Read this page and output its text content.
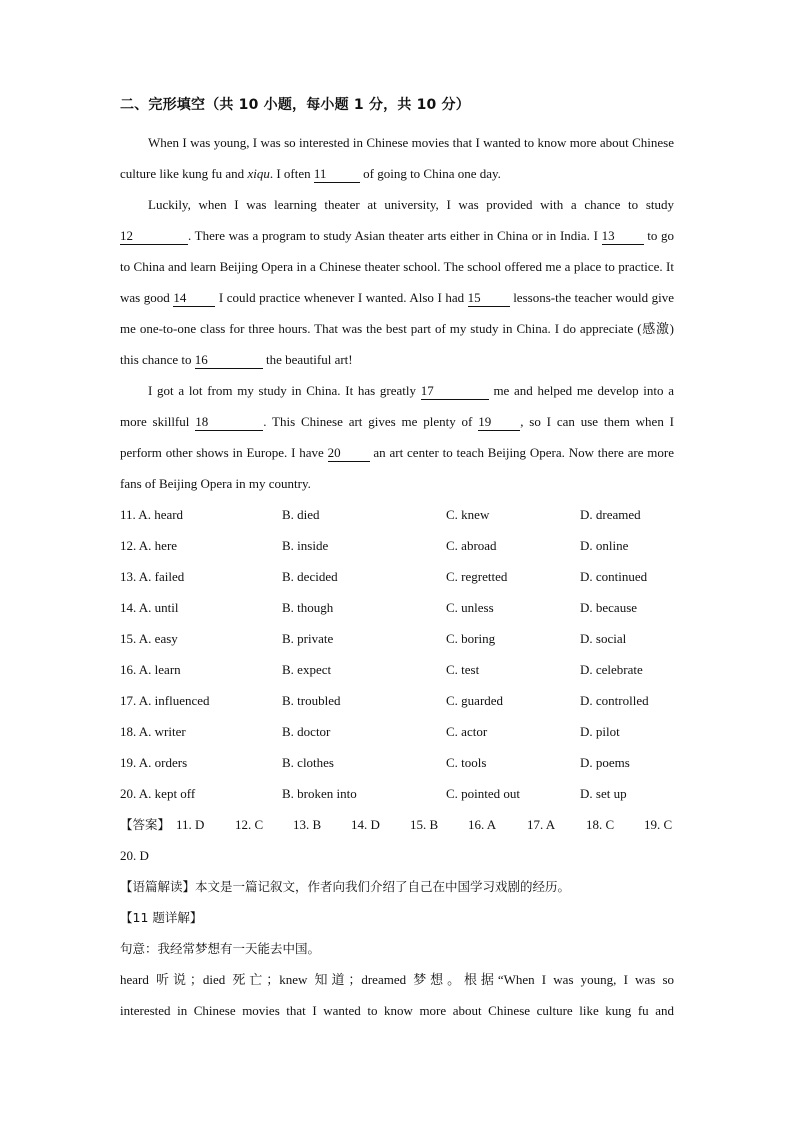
二、完形填空（共 10 小题，每小题 1 分，共 10 分）

When I was young, I was so interested in Chinese movies that I wanted to know more about Chinese culture like kung fu and xiqu. I often 11	of going to China one day.

Luckily, when I was learning theater at university, I was provided with a chance to study 12	. There was a program to study Asian theater arts either in China or in India. I 13 to go to China and learn Beijing Opera in a Chinese theater school. The school offered me a place to practice. It was good 14 I could practice whenever I wanted. Also I had 15 lessons-the teacher would give me one-to-one class for three hours. That was the best part of my study in China. I do appreciate (感激) this chance to 16	the beautiful art!

I got a lot from my study in China. It has greatly 17	me and helped me develop into a more skillful 18	. This Chinese art gives me plenty of 19 , so I can use them when I perform other shows in Europe. I have 20 an art center to teach Beijing Opera. Now there are more fans of Beijing Opera in my country.

11. A. heard	B. died	C. knew	D. dreamed
12. A. here	B. inside	C. abroad	D. online
13. A. failed	B. decided	C. regretted	D. continued
14. A. until	B. though	C. unless	D. because
15. A. easy	B. private	C. boring	D. social
16. A. learn	B. expect	C. test	D. celebrate
17. A. influenced	B. troubled	C. guarded	D. controlled
18. A. writer	B. doctor	C. actor	D. pilot
19. A. orders	B. clothes	C. tools	D. poems
20. A. kept off	B. broken into	C. pointed out	D. set up
【答案】 11. D 12. C 13. B 14. D 15. B 16. A 17. A 18. C 19. C
20. D
【语篇解读】本文是一篇记叙文，作者向我们介绍了自己在中国学习戏剧的经历。
【11 题详解】
句意：我经常梦想有一天能去中国。
heard 听说；died 死亡；knew 知道；dreamed 梦想。根据“When I was young, I was so
interested in Chinese movies that I wanted to know more about Chinese culture like kung fu and
